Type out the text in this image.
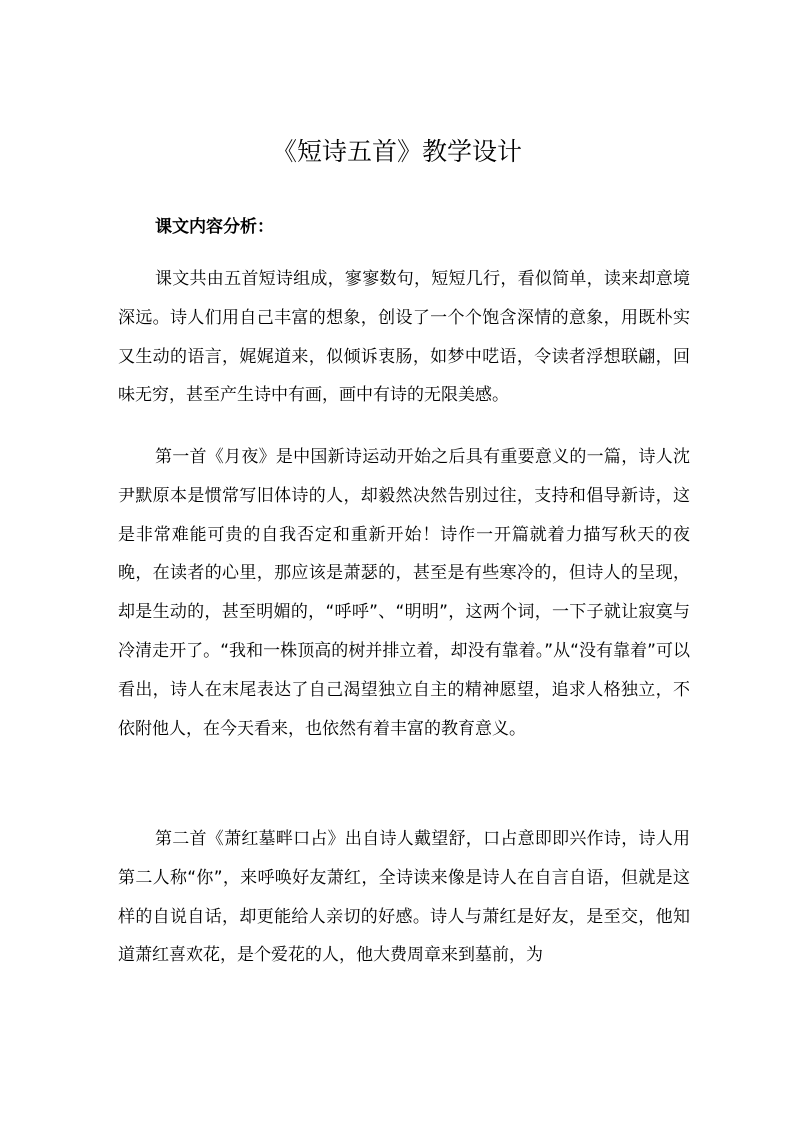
《短诗五首》教学设计
课文内容分析：

课文共由五首短诗组成，寥寥数句，短短几行，看似简单，读来却意境深远。诗人们用自己丰富的想象，创设了一个个饱含深情的意象，用既朴实又生动的语言，娓娓道来，似倾诉衷肠，如梦中呓语，令读者浮想联翩，回味无穷，甚至产生诗中有画，画中有诗的无限美感。

第一首《月夜》是中国新诗运动开始之后具有重要意义的一篇，诗人沈尹默原本是惯常写旧体诗的人，却毅然决然告别过往，支持和倡导新诗，这是非常难能可贵的自我否定和重新开始！诗作一开篇就着力描写秋天的夜晚，在读者的心里，那应该是萧瑟的，甚至是有些寒冷的，但诗人的呈现，却是生动的，甚至明媚的，“呼呼”、“明明”，这两个词，一下子就让寂寞与冷清走开了。“我和一株顶高的树并排立着，却没有靠着。”从“没有靠着”可以看出，诗人在末尾表达了自己渴望独立自主的精神愿望，追求人格独立，不依附他人，在今天看来，也依然有着丰富的教育意义。

第二首《萧红墓畔口占》出自诗人戴望舒，口占意即即兴作诗，诗人用第二人称“你”，来呼唤好友萧红，全诗读来像是诗人在自言自语，但就是这样的自说自话，却更能给人亲切的好感。诗人与萧红是好友，是至交，他知道萧红喜欢花，是个爱花的人，他大费周章来到墓前，为
